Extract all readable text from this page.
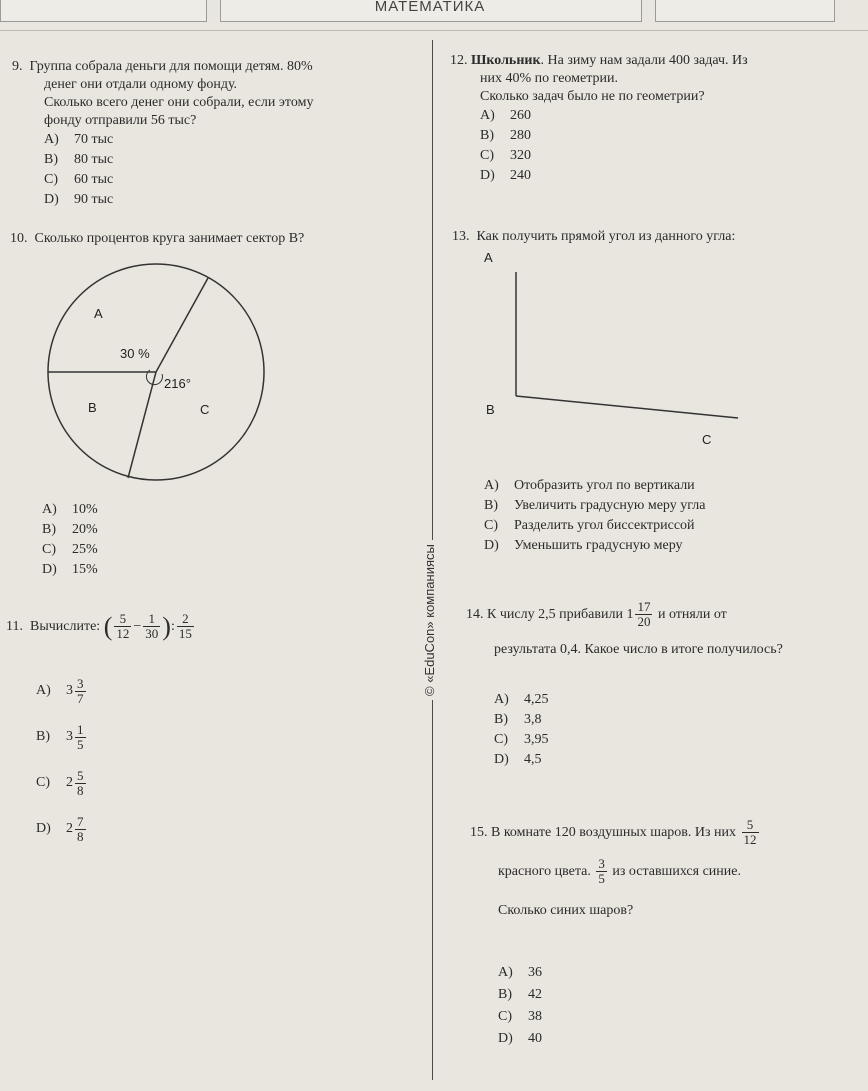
МАТЕМАТИКА
© «EduCon» компаниясы

9. Группа собрала деньги для помощи детям. 80%

денег они отдали одному фонду.

Сколько всего денег они собрали, если этому

фонду отправили 56 тыс?

A) 70 тыс

B) 80 тыс

C) 60 тыс

D) 90 тыс

10. Сколько процентов круга занимает сектор B?

A
30 %
216°
B	C

A) 10%

B) 20%

C) 25%

D) 15%

11.
Вычислите:
( $\frac{5}{12} - \frac{1}{30}$ ) : $\frac{2}{15}$

A)	$3 \frac{3}{7}$

B)	$3 \frac{1}{5}$

C)	$2 \frac{5}{8}$

D)	$2 \frac{7}{8}$

12. Школьник. На зиму нам задали 400 задач. Из

них 40% по геометрии.

Сколько задач было не по геометрии?

A) 260

B) 280

C) 320

D) 240

13. Как получить прямой угол из данного угла:

A
B
C

A) Отобразить угол по вертикали

B) Увеличить градусную меру угла

C) Разделить угол биссектриссой

D) Уменьшить градусную меру

14.
К числу 2,5 прибавили
$1 \frac{17}{20}$
и отняли от

результата 0,4. Какое число в итоге получилось?

A) 4,25

B) 3,8

C) 3,95

D) 4,5

15.
В комнате 120 воздушных шаров. Из них
$\frac{5}{12}$

красного цвета.
$\frac{3}{5}$
из оставшихся синие.

Сколько синих шаров?

A) 36

B) 42

C) 38

D) 40
